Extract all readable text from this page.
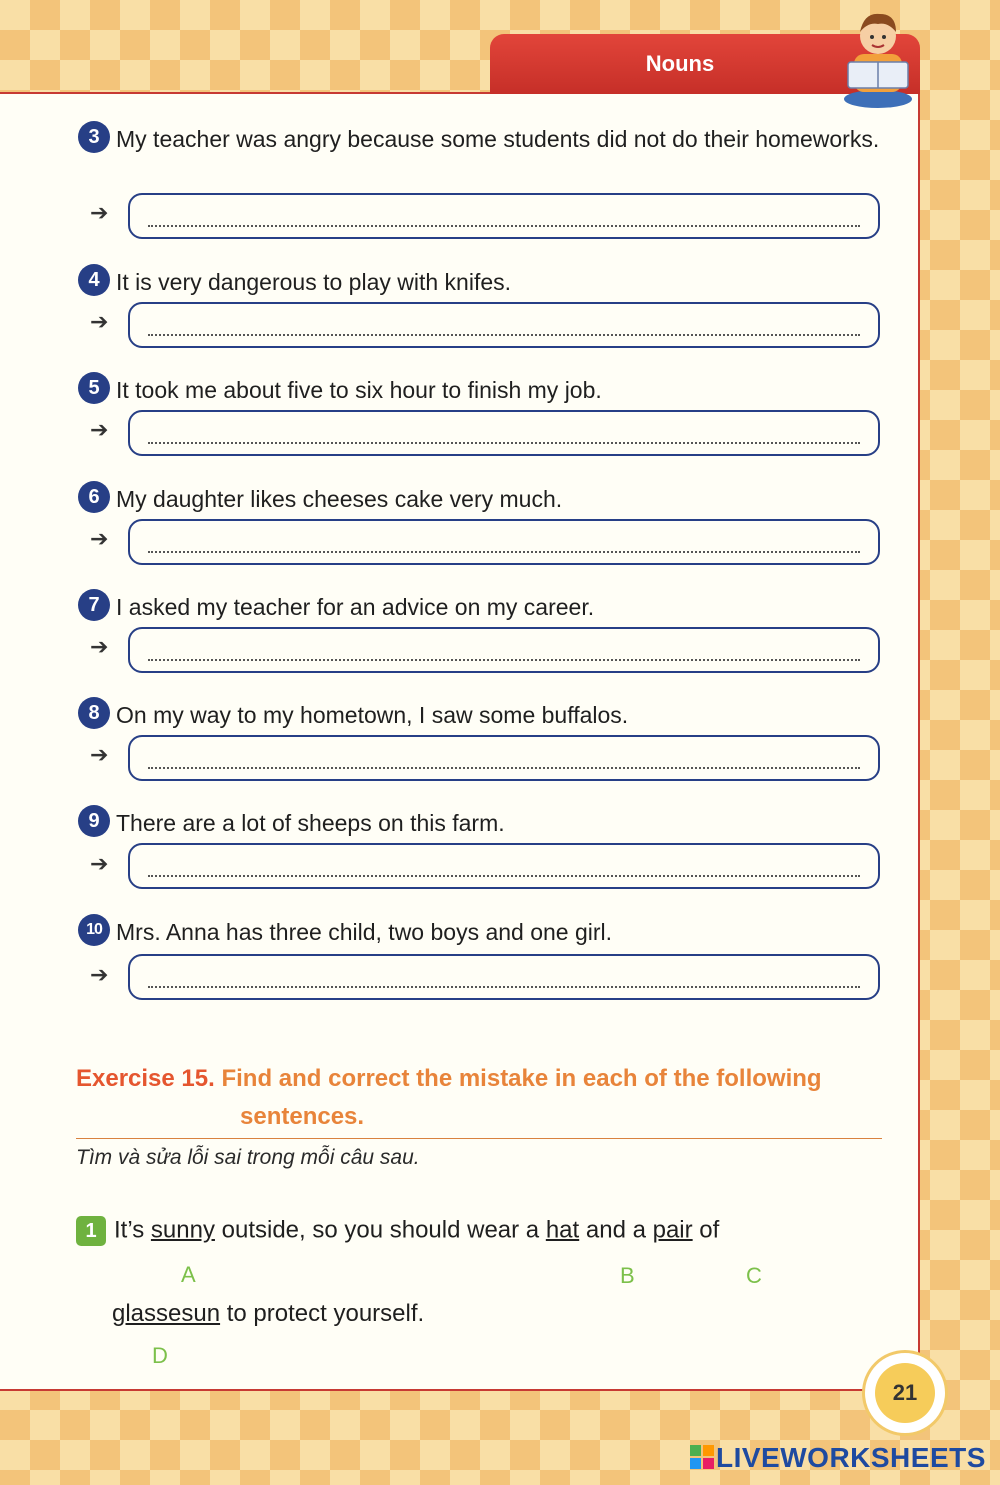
Nouns
3 My teacher was angry because some students did not do their homeworks.
➔
4 It is very dangerous to play with knifes.
➔
5 It took me about five to six hour to finish my job.
➔
6 My daughter likes cheeses cake very much.
➔
7 I asked my teacher for an advice on my career.
➔
8 On my way to my hometown, I saw some buffalos.
➔
9 There are a lot of sheeps on this farm.
➔
10 Mrs. Anna has three child, two boys and one girl.
➔
Exercise 15. Find and correct the mistake in each of the following
sentences.
Tìm và sửa lỗi sai trong mỗi câu sau.
1 It’s sunny outside, so you should wear a hat and a pair of
A	B	C
glassesun to protect yourself.
D
21
LIVEWORKSHEETS
